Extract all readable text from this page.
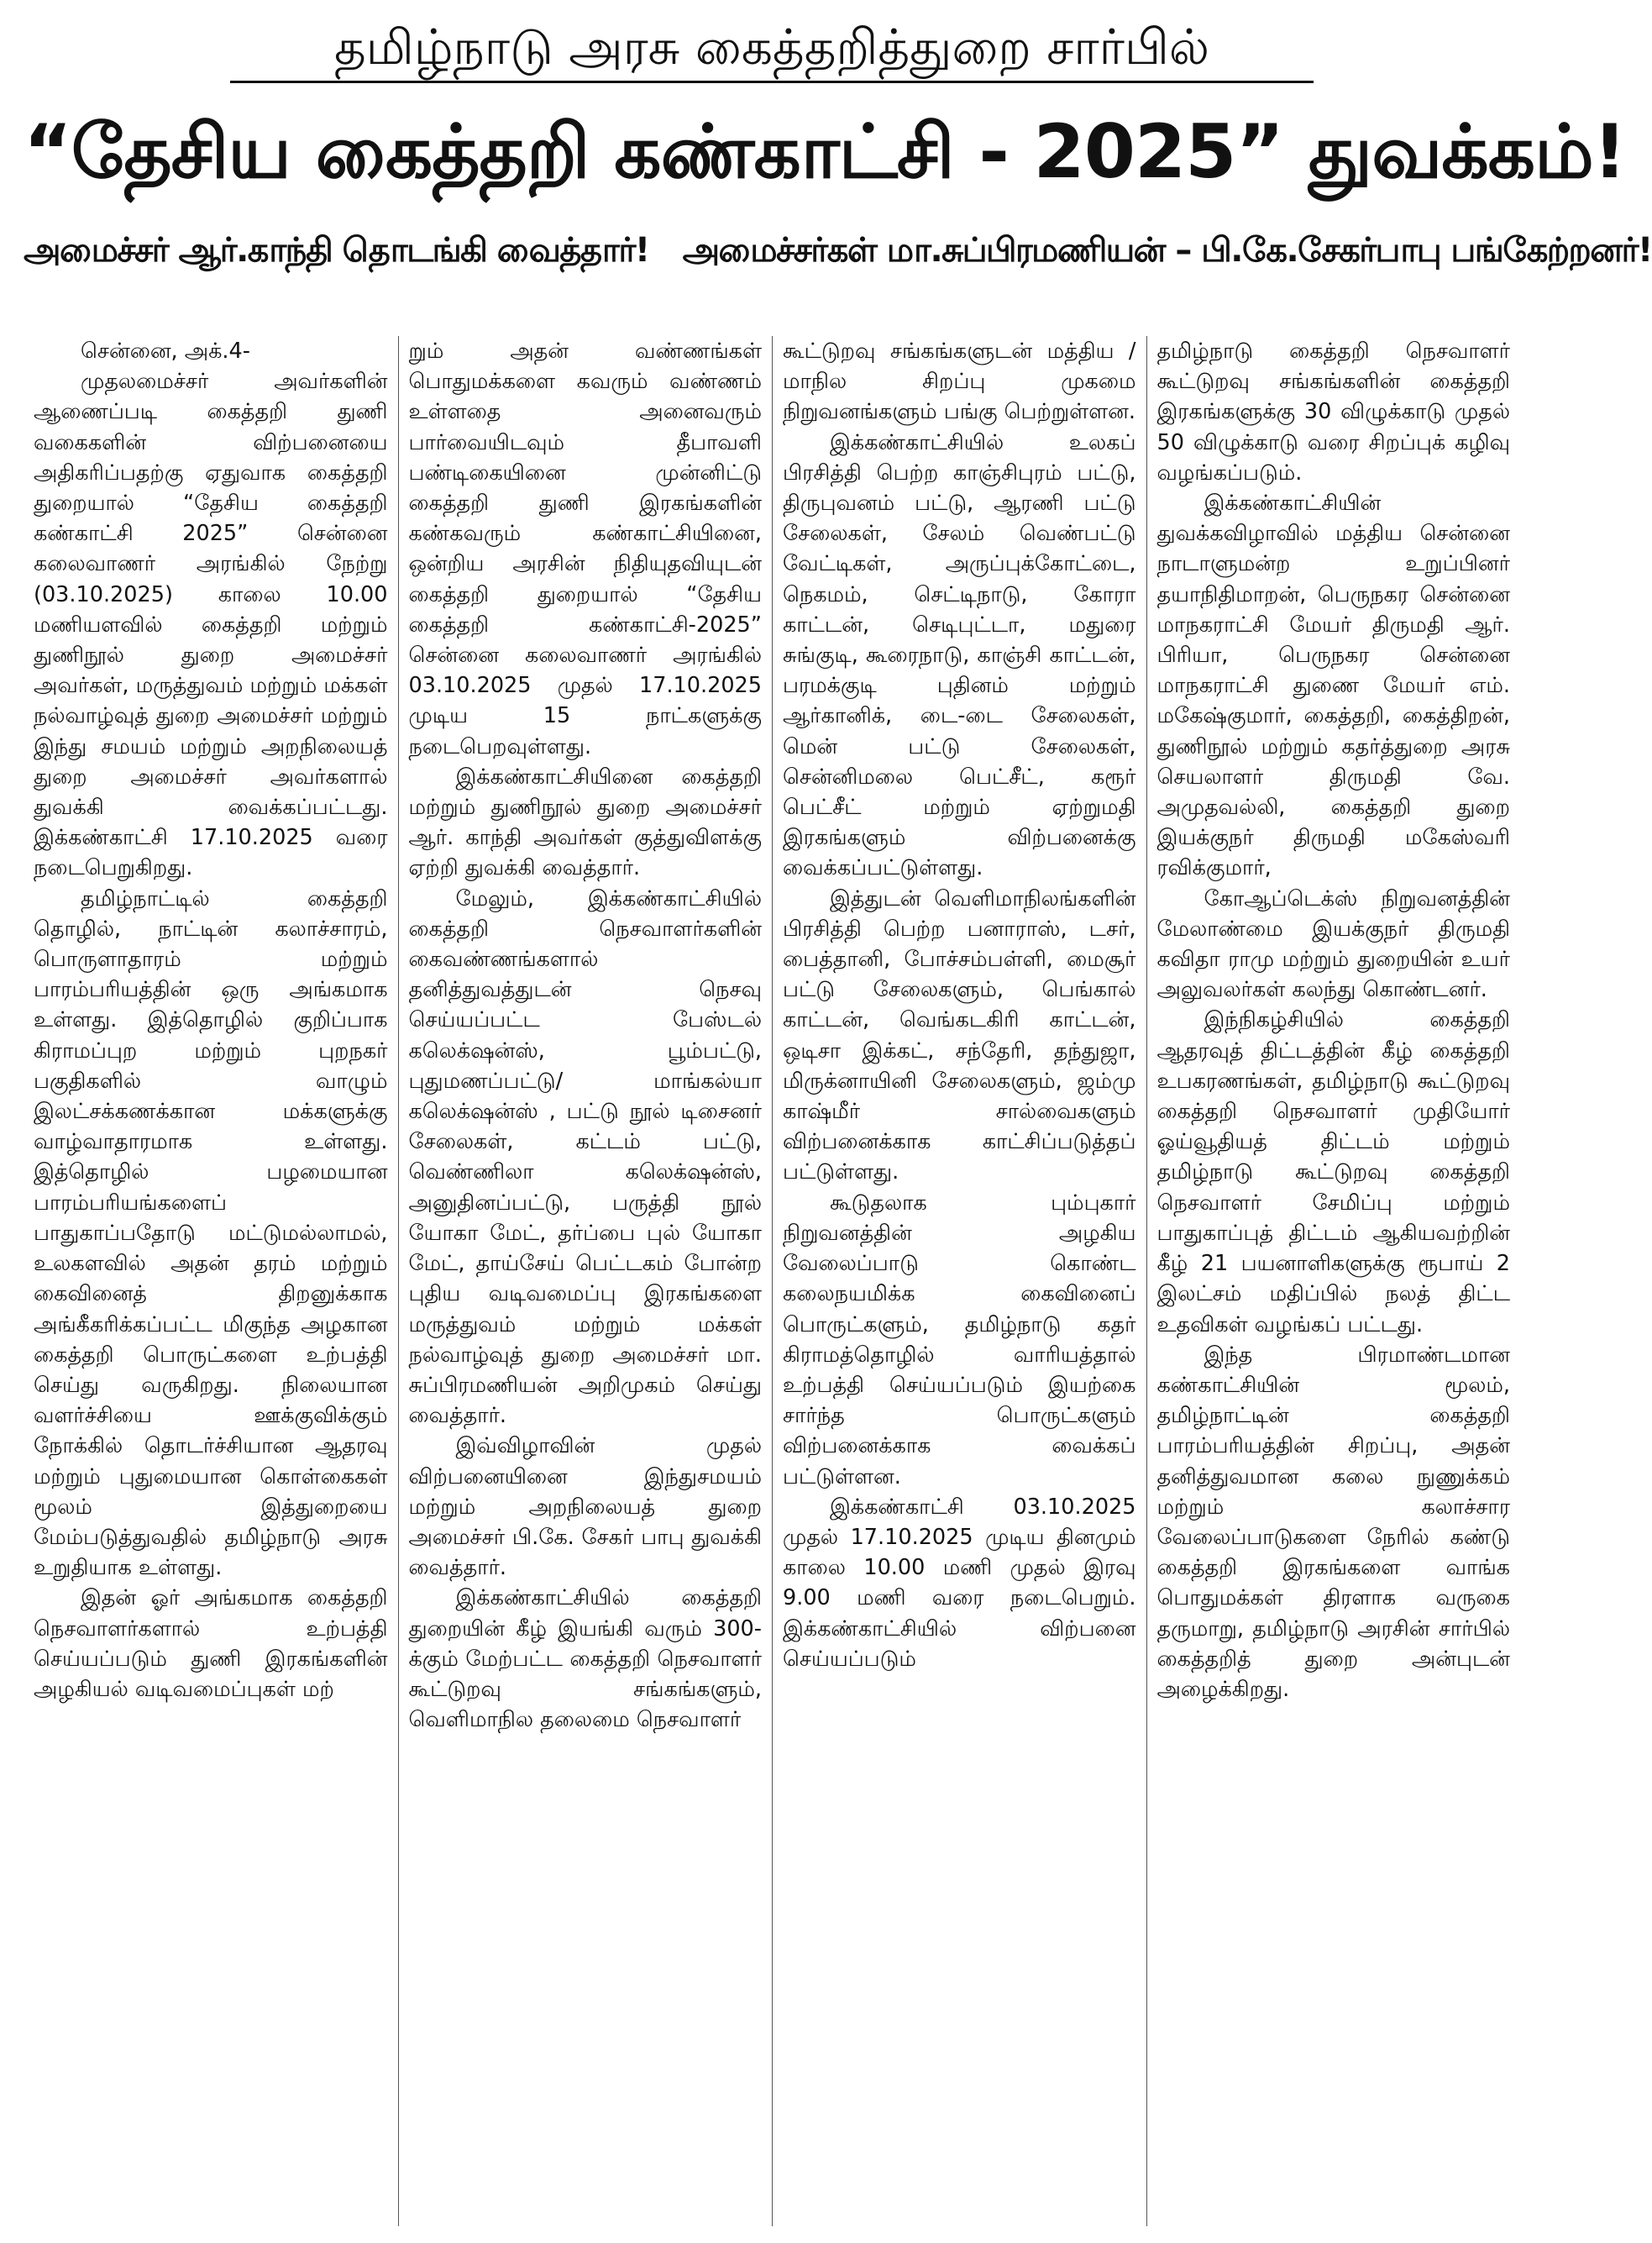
தமிழ்நாடு அரசு கைத்தறித்துறை சார்பில்
“தேசிய கைத்தறி கண்காட்சி - 2025” துவக்கம்!
அமைச்சர் ஆர்.காந்தி தொடங்கி வைத்தார்! அமைச்சர்கள் மா.சுப்பிரமணியன் – பி.கே.சேகர்பாபு பங்கேற்றனர்!

சென்னை, அக்.4-

முதலமைச்சர் அவர்களின் ஆணைப்படி கைத்தறி துணி வகைகளின் விற்பனையை அதிகரிப்பதற்கு ஏதுவாக கைத்தறி துறையால் “தேசிய கைத்தறி கண்காட்சி 2025” சென்னை கலைவாணர் அரங்கில் நேற்று (03.10.2025) காலை 10.00 மணியளவில் கைத்தறி மற்றும் துணிநூல் துறை அமைச்சர் அவர்கள், மருத்துவம் மற்றும் மக்கள் நல்வாழ்வுத் துறை அமைச்சர் மற்றும் இந்து சமயம் மற்றும் அறநிலையத் துறை அமைச்சர் அவர்களால் துவக்கி வைக்கப்பட்டது. இக்கண்காட்சி 17.10.2025 வரை நடைபெறுகிறது.

தமிழ்நாட்டில் கைத்தறி தொழில், நாட்டின் கலாச்சாரம், பொருளாதாரம் மற்றும் பாரம்பரியத்தின் ஒரு அங்கமாக உள்ளது. இத்தொழில் குறிப்பாக கிராமப்புற மற்றும் புறநகர் பகுதிகளில் வாழும் இலட்சக்கணக்கான மக்களுக்கு வாழ்வாதாரமாக உள்ளது. இத்தொழில் பழமையான பாரம்பரியங்களைப் பாதுகாப்பதோடு மட்டுமல்லாமல், உலகளவில் அதன் தரம் மற்றும் கைவினைத் திறனுக்காக அங்கீகரிக்கப்பட்ட மிகுந்த அழகான கைத்தறி பொருட்களை உற்பத்தி செய்து வருகிறது. நிலையான வளர்ச்சியை ஊக்குவிக்கும் நோக்கில் தொடர்ச்சியான ஆதரவு மற்றும் புதுமையான கொள்கைகள் மூலம் இத்துறையை மேம்படுத்துவதில் தமிழ்நாடு அரசு உறுதியாக உள்ளது.

இதன் ஓர் அங்கமாக கைத்தறி நெசவாளர்களால் உற்பத்தி செய்யப்படும் துணி இரகங்களின் அழகியல் வடிவமைப்புகள் மற்

றும் அதன் வண்ணங்கள் பொதுமக்களை கவரும் வண்ணம் உள்ளதை அனைவரும் பார்வையிடவும் தீபாவளி பண்டிகையினை முன்னிட்டு கைத்தறி துணி இரகங்களின் கண்கவரும் கண்காட்சியினை, ஒன்றிய அரசின் நிதியுதவியுடன் கைத்தறி துறையால் “தேசிய கைத்தறி கண்காட்சி-2025” சென்னை கலைவாணர் அரங்கில் 03.10.2025 முதல் 17.10.2025 முடிய 15 நாட்களுக்கு நடைபெறவுள்ளது.

இக்கண்காட்சியினை கைத்தறி மற்றும் துணிநூல் துறை அமைச்சர் ஆர். காந்தி அவர்கள் குத்துவிளக்கு ஏற்றி துவக்கி வைத்தார்.

மேலும், இக்கண்காட்சியில் கைத்தறி நெசவாளர்களின் கைவண்ணங்களால் தனித்துவத்துடன் நெசவு செய்யப்பட்ட பேஸ்டல் கலெக்‌ஷன்ஸ், பூம்பட்டு, புதுமணப்பட்டு/ மாங்கல்யா கலெக்‌ஷன்ஸ் , பட்டு நூல் டிசைனர் சேலைகள், கட்டம் பட்டு, வெண்ணிலா கலெக்‌ஷன்ஸ், அனுதினப்பட்டு, பருத்தி நூல் யோகா மேட், தர்ப்பை புல் யோகா மேட், தாய்சேய் பெட்டகம் போன்ற புதிய வடிவமைப்பு இரகங்களை மருத்துவம் மற்றும் மக்கள் நல்வாழ்வுத் துறை அமைச்சர் மா. சுப்பிரமணியன் அறிமுகம் செய்து வைத்தார்.

இவ்விழாவின் முதல் விற்பனையினை இந்துசமயம் மற்றும் அறநிலையத் துறை அமைச்சர் பி.கே. சேகர் பாபு துவக்கி வைத்தார்.

இக்கண்காட்சியில் கைத்தறி துறையின் கீழ் இயங்கி வரும் 300-க்கும் மேற்பட்ட கைத்தறி நெசவாளர் கூட்டுறவு சங்கங்களும், வெளிமாநில தலைமை நெசவாளர்

கூட்டுறவு சங்கங்களுடன் மத்திய / மாநில சிறப்பு முகமை நிறுவனங்களும் பங்கு பெற்றுள்ளன.

இக்கண்காட்சியில் உலகப் பிரசித்தி பெற்ற காஞ்சிபுரம் பட்டு, திருபுவனம் பட்டு, ஆரணி பட்டு சேலைகள், சேலம் வெண்பட்டு வேட்டிகள், அருப்புக்கோட்டை, நெகமம், செட்டிநாடு, கோரா காட்டன், செடிபுட்டா, மதுரை சுங்குடி, கூரைநாடு, காஞ்சி காட்டன், பரமக்குடி புதினம் மற்றும் ஆர்கானிக், டை-டை சேலைகள், மென் பட்டு சேலைகள், சென்னிமலை பெட்சீட், கரூர் பெட்சீட் மற்றும் ஏற்றுமதி இரகங்களும் விற்பனைக்கு வைக்கப்பட்டுள்ளது.

இத்துடன் வெளிமாநிலங்களின் பிரசித்தி பெற்ற பனாராஸ், டசர், பைத்தானி, போச்சம்பள்ளி, மைசூர் பட்டு சேலைகளும், பெங்கால் காட்டன், வெங்கடகிரி காட்டன், ஒடிசா இக்கட், சந்தேரி, தந்துஜா, மிருக்னாயினி சேலைகளும், ஜம்மு காஷ்மீர் சால்வைகளும் விற்பனைக்காக காட்சிப்படுத்தப் பட்டுள்ளது.

கூடுதலாக பும்புகார் நிறுவனத்தின் அழகிய வேலைப்பாடு கொண்ட கலைநயமிக்க கைவினைப் பொருட்களும், தமிழ்நாடு கதர் கிராமத்தொழில் வாரியத்தால் உற்பத்தி செய்யப்படும் இயற்கை சார்ந்த பொருட்களும் விற்பனைக்காக வைக்கப் பட்டுள்ளன.

இக்கண்காட்சி 03.10.2025 முதல் 17.10.2025 முடிய தினமும் காலை 10.00 மணி முதல் இரவு 9.00 மணி வரை நடைபெறும். இக்கண்காட்சியில் விற்பனை செய்யப்படும்

தமிழ்நாடு கைத்தறி நெசவாளர் கூட்டுறவு சங்கங்களின் கைத்தறி இரகங்களுக்கு 30 விழுக்காடு முதல் 50 விழுக்காடு வரை சிறப்புக் கழிவு வழங்கப்படும்.

இக்கண்காட்சியின் துவக்கவிழாவில் மத்திய சென்னை நாடாளுமன்ற உறுப்பினர் தயாநிதிமாறன், பெருநகர சென்னை மாநகராட்சி மேயர் திருமதி ஆர். பிரியா, பெருநகர சென்னை மாநகராட்சி துணை மேயர் எம். மகேஷ்குமார், கைத்தறி, கைத்திறன், துணிநூல் மற்றும் கதர்த்துறை அரசு செயலாளர் திருமதி வே. அமுதவல்லி, கைத்தறி துறை இயக்குநர் திருமதி மகேஸ்வரி ரவிக்குமார்,

கோஆப்டெக்ஸ் நிறுவனத்தின் மேலாண்மை இயக்குநர் திருமதி கவிதா ராமு மற்றும் துறையின் உயர் அலுவலர்கள் கலந்து கொண்டனர்.

இந்நிகழ்சியில் கைத்தறி ஆதரவுத் திட்டத்தின் கீழ் கைத்தறி உபகரணங்கள், தமிழ்நாடு கூட்டுறவு கைத்தறி நெசவாளர் முதியோர் ஓய்வூதியத் திட்டம் மற்றும் தமிழ்நாடு கூட்டுறவு கைத்தறி நெசவாளர் சேமிப்பு மற்றும் பாதுகாப்புத் திட்டம் ஆகியவற்றின் கீழ் 21 பயனாளிகளுக்கு ரூபாய் 2 இலட்சம் மதிப்பில் நலத் திட்ட உதவிகள் வழங்கப் பட்டது.

இந்த பிரமாண்டமான கண்காட்சியின் மூலம், தமிழ்நாட்டின் கைத்தறி பாரம்பரியத்தின் சிறப்பு, அதன் தனித்துவமான கலை நுணுக்கம் மற்றும் கலாச்சார வேலைப்பாடுகளை நேரில் கண்டு கைத்தறி இரகங்களை வாங்க பொதுமக்கள் திரளாக வருகை தருமாறு, தமிழ்நாடு அரசின் சார்பில் கைத்தறித் துறை அன்புடன் அழைக்கிறது.
